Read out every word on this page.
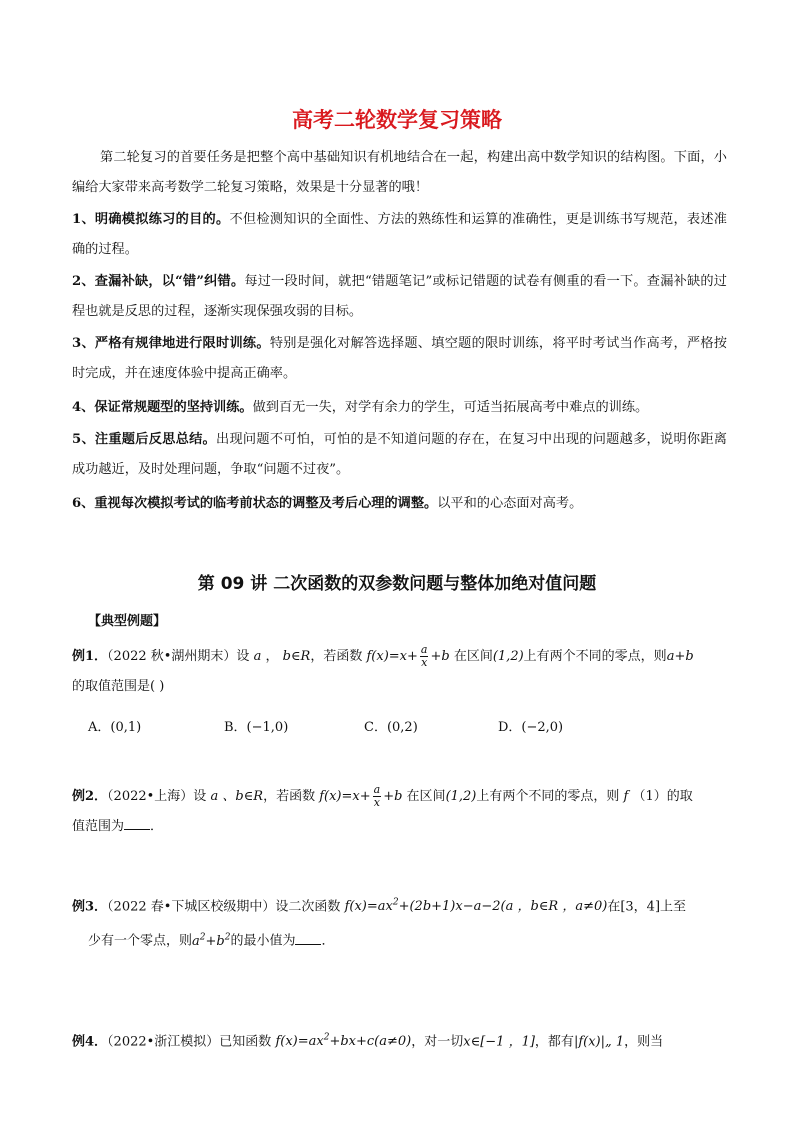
高考二轮数学复习策略
第二轮复习的首要任务是把整个高中基础知识有机地结合在一起，构建出高中数学知识的结构图。下面，小编给大家带来高考数学二轮复习策略，效果是十分显著的哦！
1、明确模拟练习的目的。不但检测知识的全面性、方法的熟练性和运算的准确性，更是训练书写规范，表述准确的过程。
2、查漏补缺，以“错”纠错。每过一段时间，就把“错题笔记”或标记错题的试卷有侧重的看一下。查漏补缺的过程也就是反思的过程，逐渐实现保强攻弱的目标。
3、严格有规律地进行限时训练。特别是强化对解答选择题、填空题的限时训练，将平时考试当作高考，严格按时完成，并在速度体验中提高正确率。
4、保证常规题型的坚持训练。做到百无一失，对学有余力的学生，可适当拓展高考中难点的训练。
5、注重题后反思总结。出现问题不可怕，可怕的是不知道问题的存在，在复习中出现的问题越多，说明你距离成功越近，及时处理问题，争取“问题不过夜”。
6、重视每次模拟考试的临考前状态的调整及考后心理的调整。以平和的心态面对高考。
第 09 讲 二次函数的双参数问题与整体加绝对值问题
【典型例题】
例1．（2022 秋•湖州期末）设 a ， b∈R，若函数 $f(x)=x+ \frac{a}{x} +b$ 在区间(1,2)上有两个不同的零点，则a+b
的取值范围是( )
A．(0,1)	B．(−1,0)	C．(0,2)	D．(−2,0)
例2．（2022•上海）设 a 、b∈R，若函数 $f(x)=x+ \frac{a}{x} +b$ 在区间(1,2)上有两个不同的零点，则 f （1）的取
值范围为 ．
例3．（2022 春•下城区校级期中）设二次函数 $f(x)=ax^2+(2b+1)x-a-2(a$ ，b∈R ，a≠0)在[3，4]上至
少有一个零点，则$a^2+b^2$的最小值为 ．
例4．（2022•浙江模拟）已知函数 $f(x)=ax^2+bx+c(a\ne 0)$，对一切x∈[−1 ，1]，都有|f(x)|„ 1，则当
